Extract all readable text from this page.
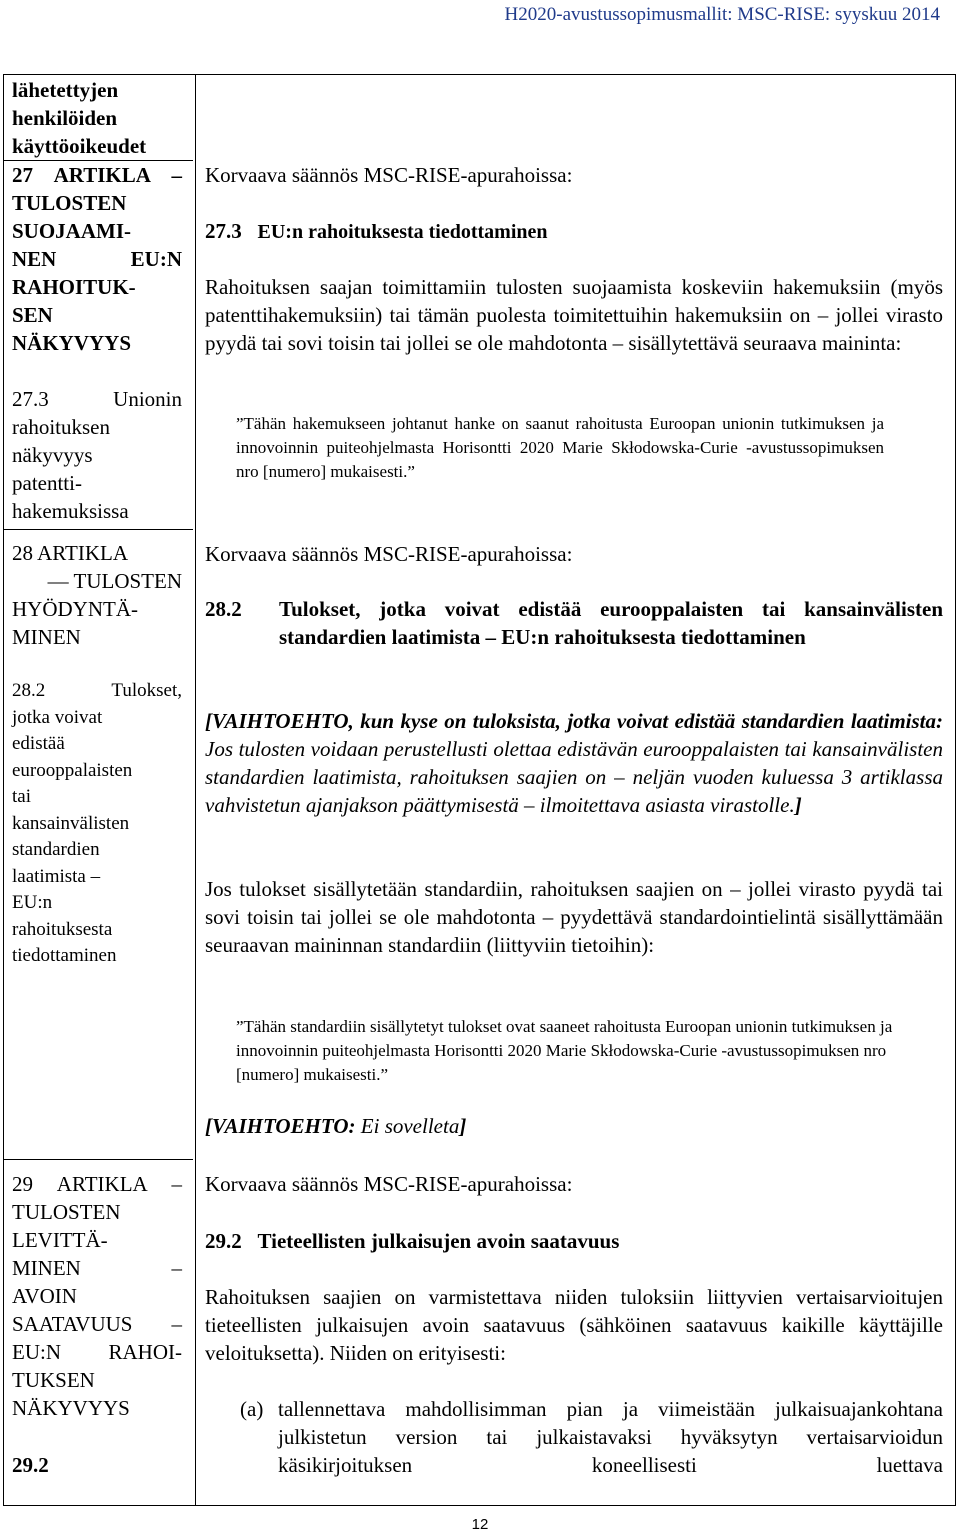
H2020-avustussopimusmallit: MSC-RISE: syyskuu 2014

lähetettyjen

henkilöiden

käyttöoikeudet

27 ARTIKLA –

TULOSTEN

SUOJAAMI-

NEN EU:N

RAHOITUK-

SEN

NÄKYVYYS

27.3 Unionin

rahoituksen

näkyvyys

patentti-

hakemuksissa

28 ARTIKLA

— TULOSTEN

HYÖDYNTÄ-

MINEN

28.2 Tulokset,

jotka voivat

edistää

eurooppalaisten

tai

kansainvälisten

standardien

laatimista –

EU:n

rahoituksesta

tiedottaminen

29 ARTIKLA –

TULOSTEN

LEVITTÄ-

MINEN –

AVOIN

SAATAVUUS –

EU:N RAHOI-

TUKSEN

NÄKYVYYS

29.2

Korvaava säännös MSC-RISE-apurahoissa:
27.3 EU:n rahoituksesta tiedottaminen
Rahoituksen saajan toimittamiin tulosten suojaamista koskeviin hakemuksiin (myös patenttihakemuksiin) tai tämän puolesta toimitettuihin hakemuksiin on – jollei virasto pyydä tai sovi toisin tai jollei se ole mahdotonta – sisällytettävä seuraava maininta:
”Tähän hakemukseen johtanut hanke on saanut rahoitusta Euroopan unionin tutkimuksen ja innovoinnin puiteohjelmasta Horisontti 2020 Marie Skłodowska-Curie -avustussopimuksen nro [numero] mukaisesti.”
Korvaava säännös MSC-RISE-apurahoissa:
28.2 Tulokset, jotka voivat edistää eurooppalaisten tai kansainvälisten standardien laatimista – EU:n rahoituksesta tiedottaminen
[VAIHTOEHTO, kun kyse on tuloksista, jotka voivat edistää standardien laatimista: Jos tulosten voidaan perustellusti olettaa edistävän eurooppalaisten tai kansainvälisten standardien laatimista, rahoituksen saajien on – neljän vuoden kuluessa 3 artiklassa vahvistetun ajanjakson päättymisestä – ilmoitettava asiasta virastolle.]
Jos tulokset sisällytetään standardiin, rahoituksen saajien on – jollei virasto pyydä tai sovi toisin tai jollei se ole mahdotonta – pyydettävä standardointielintä sisällyttämään seuraavan maininnan standardiin (liittyviin tietoihin):
”Tähän standardiin sisällytetyt tulokset ovat saaneet rahoitusta Euroopan unionin tutkimuksen ja innovoinnin puiteohjelmasta Horisontti 2020 Marie Skłodowska-Curie -avustussopimuksen nro [numero] mukaisesti.”
[VAIHTOEHTO: Ei sovelleta]
Korvaava säännös MSC-RISE-apurahoissa:
29.2 Tieteellisten julkaisujen avoin saatavuus
Rahoituksen saajien on varmistettava niiden tuloksiin liittyvien vertaisarvioitujen tieteellisten julkaisujen avoin saatavuus (sähköinen saatavuus kaikille käyttäjille veloituksetta). Niiden on erityisesti:
(a) tallennettava mahdollisimman pian ja viimeistään julkaisuajankohtana julkistetun version tai julkaistavaksi hyväksytyn vertaisarvioidun käsikirjoituksen koneellisesti luettava
12
